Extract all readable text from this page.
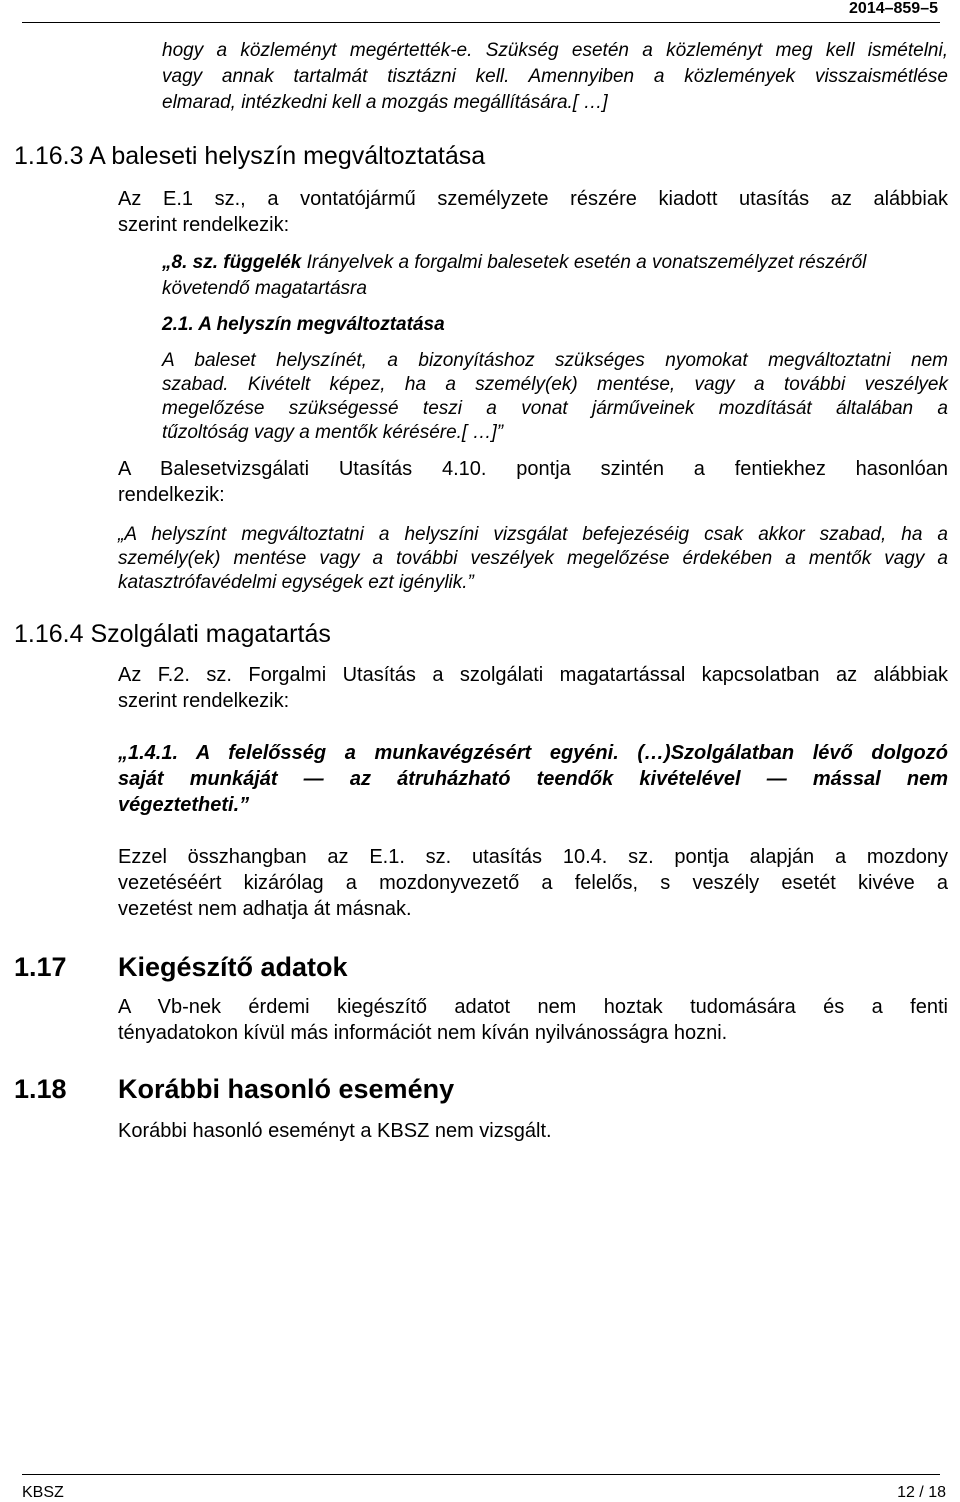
2014–859–5
hogy a közleményt megértették-e. Szükség esetén a közleményt meg kell ismételni,
vagy annak tartalmát tisztázni kell. Amennyiben a közlemények visszaismétlése
elmarad, intézkedni kell a mozgás megállítására.[ …]
1.16.3 A baleseti helyszín megváltoztatása
Az E.1 sz., a vontatójármű személyzete részére kiadott utasítás az alábbiak
szerint rendelkezik:
„8. sz. függelék Irányelvek a forgalmi balesetek esetén a vonatszemélyzet részéről
követendő magatartásra
2.1. A helyszín megváltoztatása
A baleset helyszínét, a bizonyításhoz szükséges nyomokat megváltoztatni nem
szabad. Kivételt képez, ha a személy(ek) mentése, vagy a további veszélyek
megelőzése szükségessé teszi a vonat járműveinek mozdítását általában a
tűzoltóság vagy a mentők kérésére.[ …]”
A Balesetvizsgálati Utasítás 4.10. pontja szintén a fentiekhez hasonlóan
rendelkezik:
„A helyszínt megváltoztatni a helyszíni vizsgálat befejezéséig csak akkor szabad, ha a
személy(ek) mentése vagy a további veszélyek megelőzése érdekében a mentők vagy a
katasztrófavédelmi egységek ezt igénylik.”
1.16.4 Szolgálati magatartás
Az F.2. sz. Forgalmi Utasítás a szolgálati magatartással kapcsolatban az alábbiak
szerint rendelkezik:
„1.4.1. A felelősség a munkavégzésért egyéni. (…)Szolgálatban lévő dolgozó
saját munkáját — az átruházható teendők kivételével — mással nem
végeztetheti.”
Ezzel összhangban az E.1. sz. utasítás 10.4. sz. pontja alapján a mozdony
vezetéséért kizárólag a mozdonyvezető a felelős, s veszély esetét kivéve a
vezetést nem adhatja át másnak.
1.17 Kiegészítő adatok
A Vb-nek érdemi kiegészítő adatot nem hoztak tudomására és a fenti
tényadatokon kívül más információt nem kíván nyilvánosságra hozni.
1.18 Korábbi hasonló esemény
Korábbi hasonló eseményt a KBSZ nem vizsgált.
KBSZ	12 / 18
